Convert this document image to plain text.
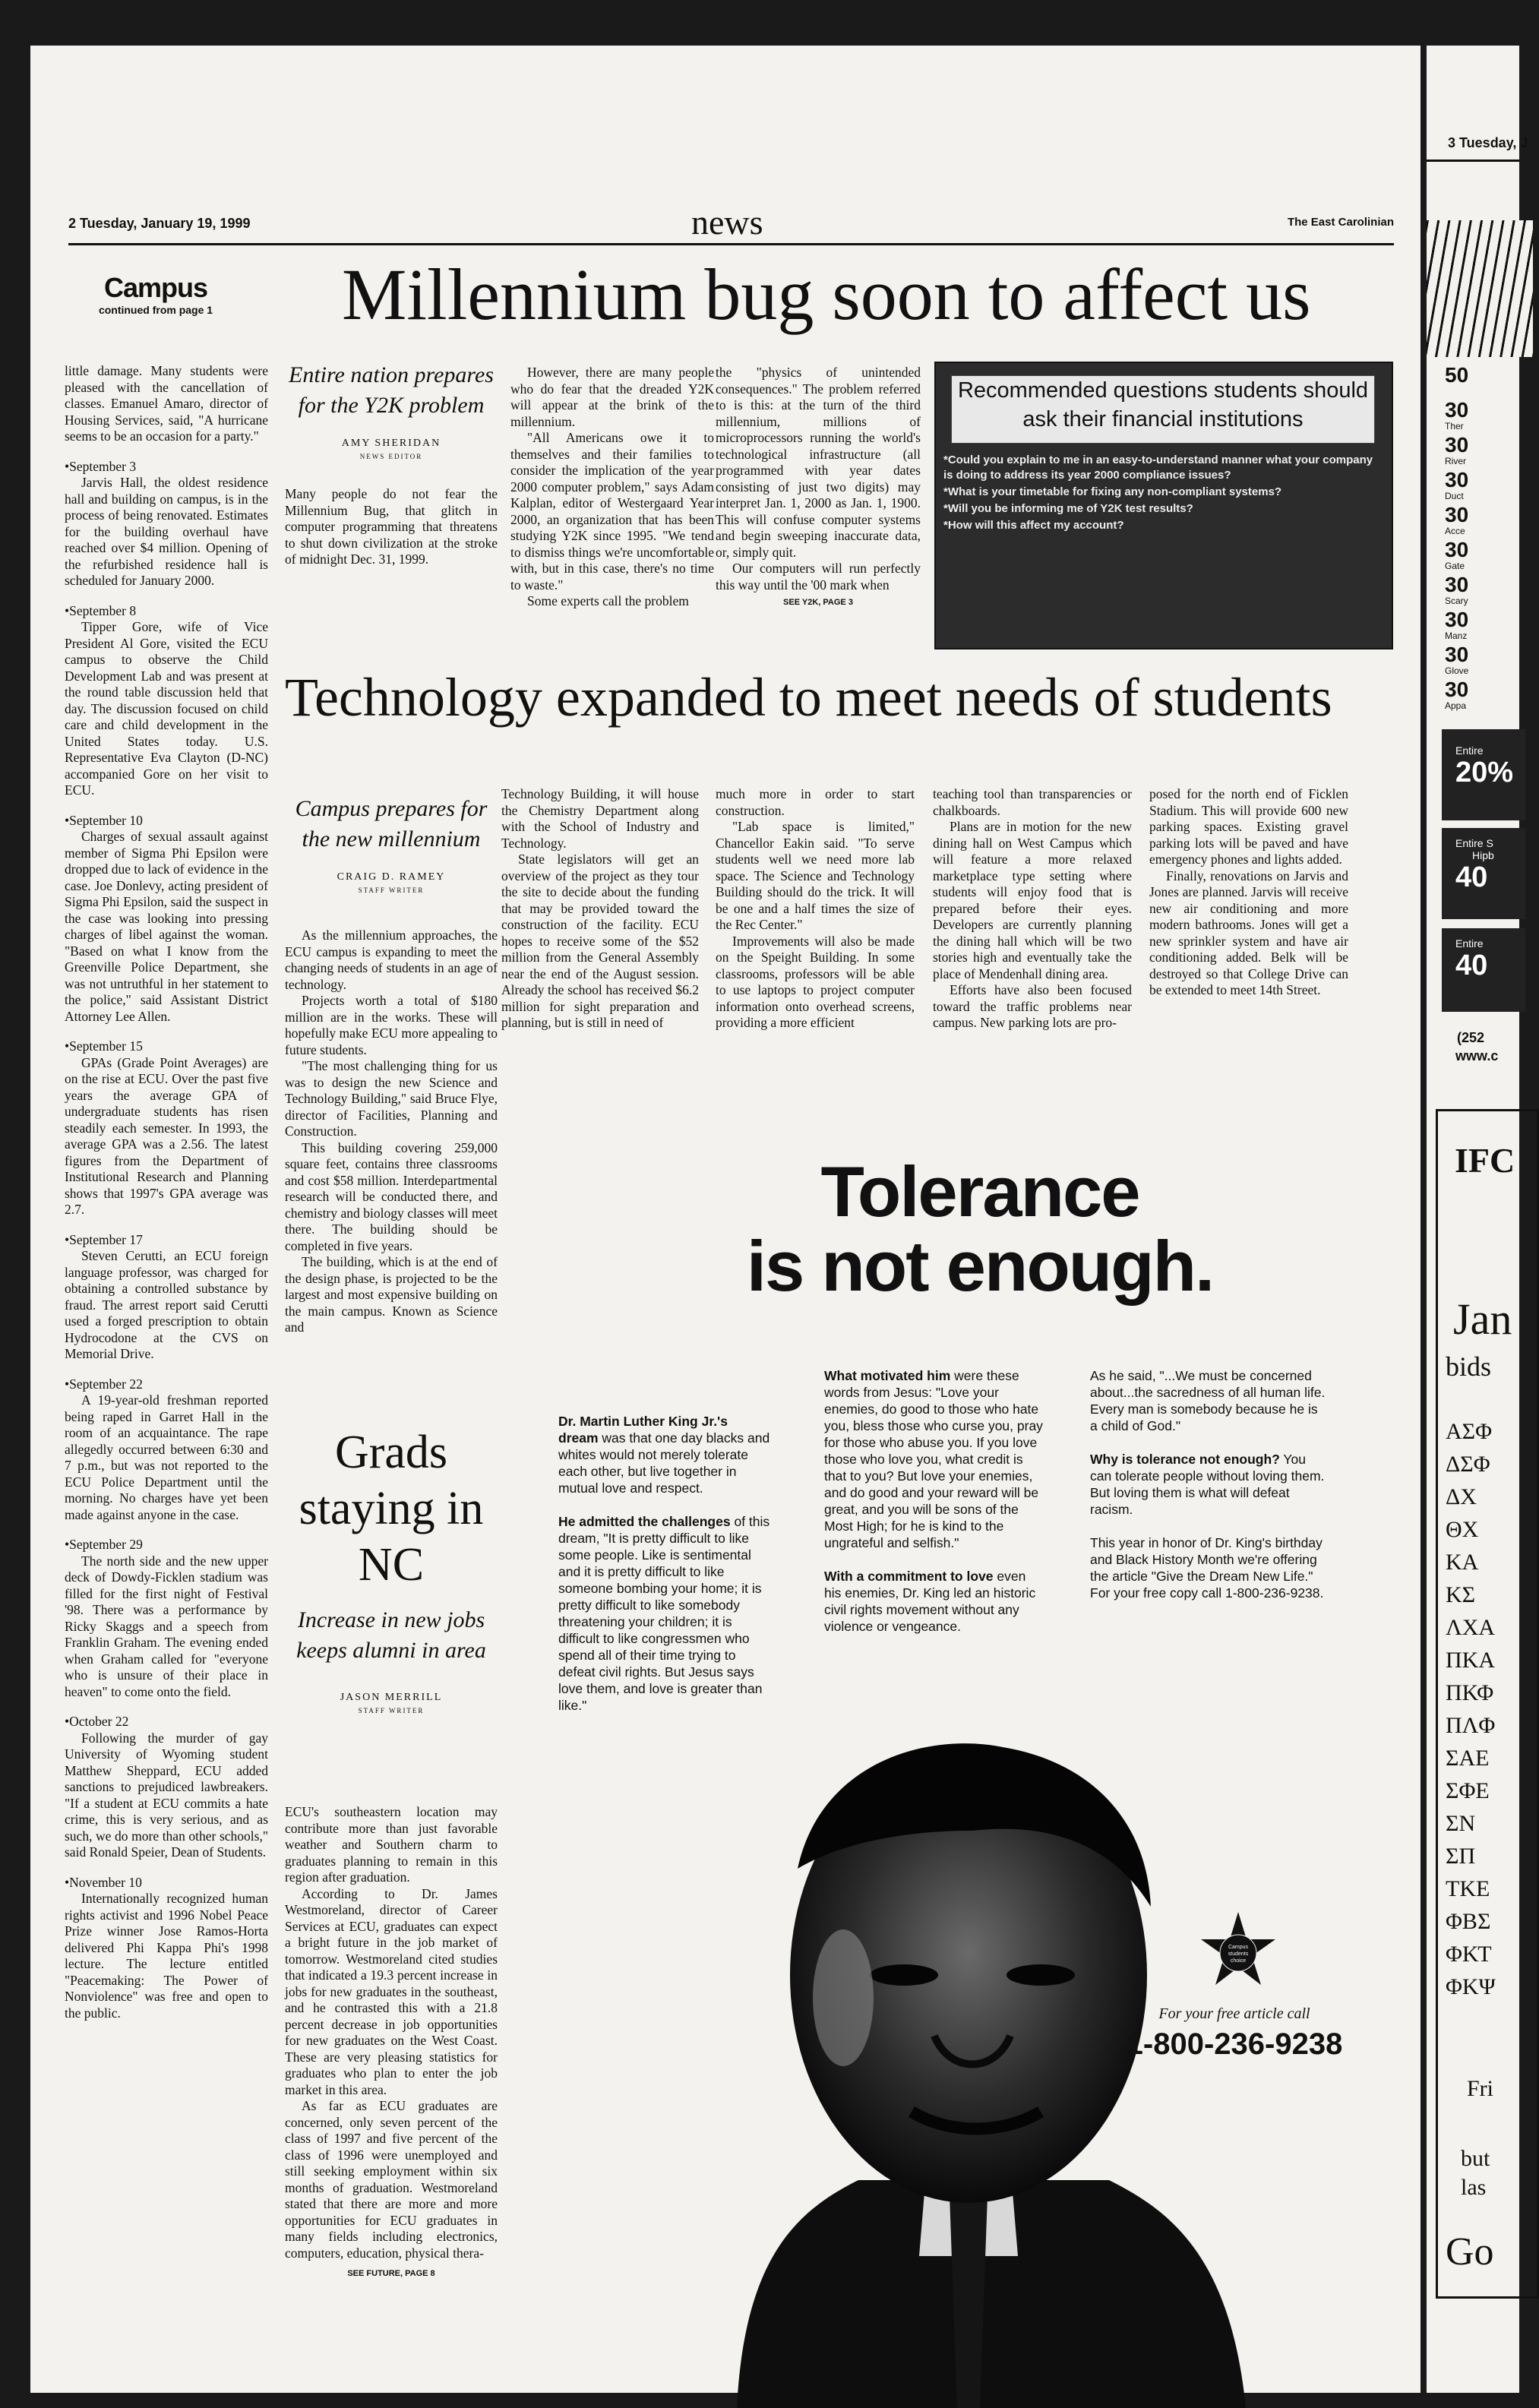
2 Tuesday, January 19, 1999	news	The East Carolinian
Campus
continued from page 1	Millennium bug soon to affect us

little damage. Many students were pleased with the cancellation of classes. Emanuel Amaro, director of Housing Services, said, "A hurricane seems to be an occasion for a party."

•September 3

Jarvis Hall, the oldest residence hall and building on campus, is in the process of being renovated. Estimates for the building overhaul have reached over $4 million. Opening of the refurbished residence hall is scheduled for January 2000.

•September 8

Tipper Gore, wife of Vice President Al Gore, visited the ECU campus to observe the Child Development Lab and was present at the round table discussion held that day. The discussion focused on child care and child development in the United States today. U.S. Representative Eva Clayton (D-NC) accompanied Gore on her visit to ECU.

•September 10

Charges of sexual assault against member of Sigma Phi Epsilon were dropped due to lack of evidence in the case. Joe Donlevy, acting president of Sigma Phi Epsilon, said the suspect in the case was looking into pressing charges of libel against the woman. "Based on what I know from the Greenville Police Department, she was not untruthful in her statement to the police," said Assistant District Attorney Lee Allen.

•September 15

GPAs (Grade Point Averages) are on the rise at ECU. Over the past five years the average GPA of undergraduate students has risen steadily each semester. In 1993, the average GPA was a 2.56. The latest figures from the Department of Institutional Research and Planning shows that 1997's GPA average was 2.7.

•September 17

Steven Cerutti, an ECU foreign language professor, was charged for obtaining a controlled substance by fraud. The arrest report said Cerutti used a forged prescription to obtain Hydrocodone at the CVS on Memorial Drive.

•September 22

A 19-year-old freshman reported being raped in Garret Hall in the room of an acquaintance. The rape allegedly occurred between 6:30 and 7 p.m., but was not reported to the ECU Police Department until the morning. No charges have yet been made against anyone in the case.

•September 29

The north side and the new upper deck of Dowdy-Ficklen stadium was filled for the first night of Festival '98. There was a performance by Ricky Skaggs and a speech from Franklin Graham. The evening ended when Graham called for "everyone who is unsure of their place in heaven" to come onto the field.

•October 22

Following the murder of gay University of Wyoming student Matthew Sheppard, ECU added sanctions to prejudiced lawbreakers. "If a student at ECU commits a hate crime, this is very serious, and as such, we do more than other schools," said Ronald Speier, Dean of Students.

•November 10

Internationally recognized human rights activist and 1996 Nobel Peace Prize winner Jose Ramos-Horta delivered Phi Kappa Phi's 1998 lecture. The lecture entitled "Peacemaking: The Power of Nonviolence" was free and open to the public.

Entire nation prepares for the Y2K problem
AMY SHERIDAN
NEWS EDITOR

Many people do not fear the Millennium Bug, that glitch in computer programming that threatens to shut down civilization at the stroke of midnight Dec. 31, 1999.

However, there are many people who do fear that the dreaded Y2K will appear at the brink of the millennium.

"All Americans owe it to themselves and their families to consider the implication of the year 2000 computer problem," says Adam Kalplan, editor of Westergaard Year 2000, an organization that has been studying Y2K since 1995. "We tend to dismiss things we're uncomfortable with, but in this case, there's no time to waste."

Some experts call the problem

the "physics of unintended consequences." The problem referred to is this: at the turn of the third millennium, millions of microprocessors running the world's technological infrastructure (all programmed with year dates consisting of just two digits) may interpret Jan. 1, 2000 as Jan. 1, 1900. This will confuse computer systems and begin sweeping inaccurate data, or, simply quit.

Our computers will run perfectly this way until the '00 mark when

SEE Y2K, PAGE 3
Recommended questions students should ask their financial institutions
*Could you explain to me in an easy-to-understand manner what your company is doing to address its year 2000 compliance issues?
*What is your timetable for fixing any non-compliant systems?
*Will you be informing me of Y2K test results?
*How will this affect my account?
Technology expanded to meet needs of students
Campus prepares for the new millennium
CRAIG D. RAMEY
STAFF WRITER

As the millennium approaches, the ECU campus is expanding to meet the changing needs of students in an age of technology.

Projects worth a total of $180 million are in the works. These will hopefully make ECU more appealing to future students.

"The most challenging thing for us was to design the new Science and Technology Building," said Bruce Flye, director of Facilities, Planning and Construction.

This building covering 259,000 square feet, contains three classrooms and cost $58 million. Interdepartmental research will be conducted there, and chemistry and biology classes will meet there. The building should be completed in five years.

The building, which is at the end of the design phase, is projected to be the largest and most expensive building on the main campus. Known as Science and

Technology Building, it will house the Chemistry Department along with the School of Industry and Technology.

State legislators will get an overview of the project as they tour the site to decide about the funding that may be provided toward the construction of the facility. ECU hopes to receive some of the $52 million from the General Assembly near the end of the August session. Already the school has received $6.2 million for sight preparation and planning, but is still in need of

much more in order to start construction.

"Lab space is limited," Chancellor Eakin said. "To serve students well we need more lab space. The Science and Technology Building should do the trick. It will be one and a half times the size of the Rec Center."

Improvements will also be made on the Speight Building. In some classrooms, professors will be able to use laptops to project computer information onto overhead screens, providing a more efficient

teaching tool than transparencies or chalkboards.

Plans are in motion for the new dining hall on West Campus which will feature a more relaxed marketplace type setting where students will enjoy food that is prepared before their eyes. Developers are currently planning the dining hall which will be two stories high and eventually take the place of Mendenhall dining area.

Efforts have also been focused toward the traffic problems near campus. New parking lots are pro-

posed for the north end of Ficklen Stadium. This will provide 600 new parking spaces. Existing gravel parking lots will be paved and have emergency phones and lights added.

Finally, renovations on Jarvis and Jones are planned. Jarvis will receive new air conditioning and more modern bathrooms. Jones will get a new sprinkler system and have air conditioning added. Belk will be destroyed so that College Drive can be extended to meet 14th Street.

Grads staying in NC
Increase in new jobs keeps alumni in area
JASON MERRILL
STAFF WRITER

ECU's southeastern location may contribute more than just favorable weather and Southern charm to graduates planning to remain in this region after graduation.

According to Dr. James Westmoreland, director of Career Services at ECU, graduates can expect a bright future in the job market of tomorrow. Westmoreland cited studies that indicated a 19.3 percent increase in jobs for new graduates in the southeast, and he contrasted this with a 21.8 percent decrease in job opportunities for new graduates on the West Coast. These are very pleasing statistics for graduates who plan to enter the job market in this area.

As far as ECU graduates are concerned, only seven percent of the class of 1997 and five percent of the class of 1996 were unemployed and still seeking employment within six months of graduation. Westmoreland stated that there are more and more opportunities for ECU graduates in many fields including electronics, computers, education, physical thera-

SEE FUTURE, PAGE 8
Tolerance
is not enough.

Dr. Martin Luther King Jr.'s dream was that one day blacks and whites would not merely tolerate each other, but live together in mutual love and respect.

He admitted the challenges of this dream, "It is pretty difficult to like some people. Like is sentimental and it is pretty difficult to like someone bombing your home; it is pretty difficult to like somebody threatening your children; it is difficult to like congressmen who spend all of their time trying to defeat civil rights. But Jesus says love them, and love is greater than like."

What motivated him were these words from Jesus: "Love your enemies, do good to those who hate you, bless those who curse you, pray for those who abuse you. If you love those who love you, what credit is that to you? But love your enemies, and do good and your reward will be great, and you will be sons of the Most High; for he is kind to the ungrateful and selfish."

With a commitment to love even his enemies, Dr. King led an historic civil rights movement without any violence or vengeance.

As he said, "...We must be concerned about...the sacredness of all human life. Every man is somebody because he is a child of God."

Why is tolerance not enough? You can tolerate people without loving them. But loving them is what will defeat racism.

This year in honor of Dr. King's birthday and Black History Month we're offering the article "Give the Dream New Life." For your free copy call 1-800-236-9238.

Campus students choice
For your free article call
1-800-236-9238
3 Tuesday, J
50
30
Ther
30
River
30
Duct
30
Acce
30
Gate
30
Scary
30
Manz
30
Glove
30
Appa
Entire
20%
Entire S
Hipb
40
Entire
40
(252
www.c
IFC
Jan
bids
ΑΣΦ
ΔΣΦ
ΔΧ
ΘΧ
ΚΑ
ΚΣ
ΛΧΑ
ΠΚΑ
ΠΚΦ
ΠΛΦ
ΣΑΕ
ΣΦΕ
ΣΝ
ΣΠ
ΤΚΕ
ΦΒΣ
ΦΚΤ
ΦΚΨ
Fri
but
las
Go
